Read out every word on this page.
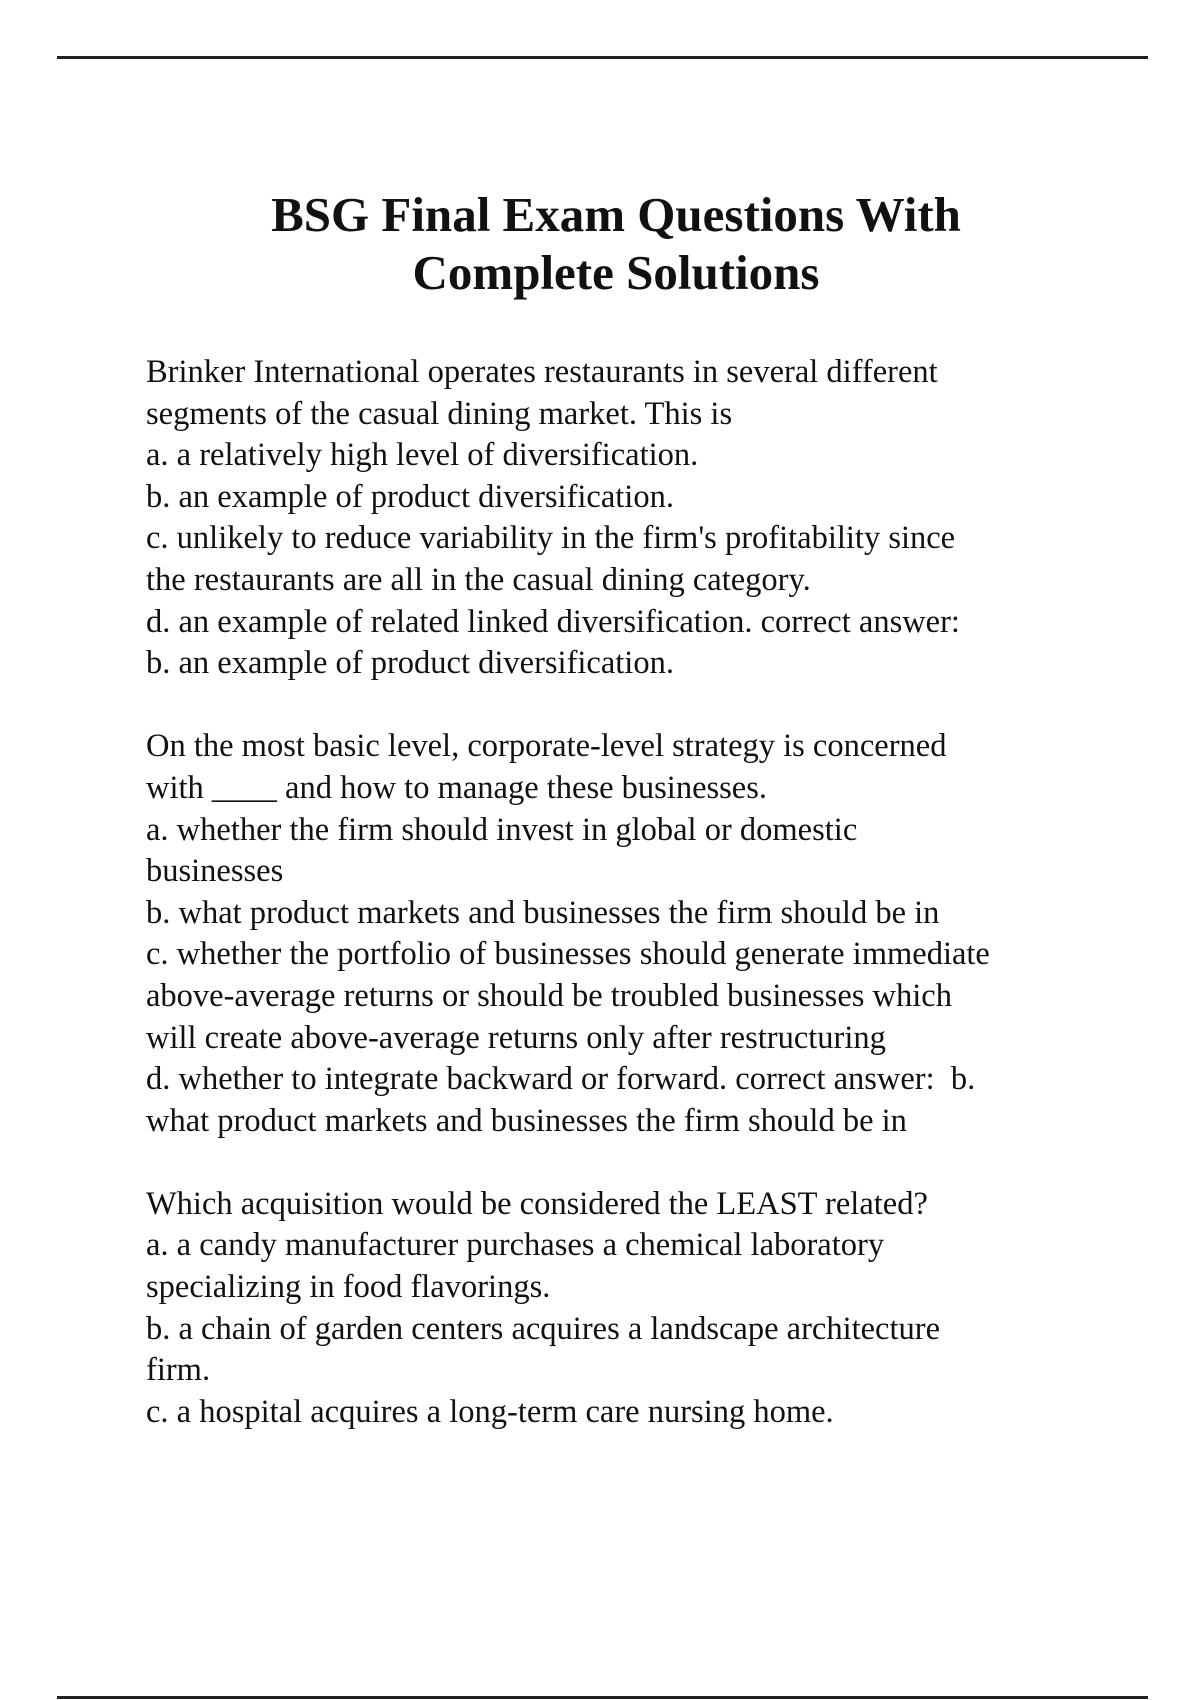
BSG Final Exam Questions With
Complete Solutions
Brinker International operates restaurants in several different
segments of the casual dining market. This is
a. a relatively high level of diversification.
b. an example of product diversification.
c. unlikely to reduce variability in the firm's profitability since
the restaurants are all in the casual dining category.
d. an example of related linked diversification. correct answer:
b. an example of product diversification.
On the most basic level, corporate-level strategy is concerned
with ____ and how to manage these businesses.
a. whether the firm should invest in global or domestic
businesses
b. what product markets and businesses the firm should be in
c. whether the portfolio of businesses should generate immediate
above-average returns or should be troubled businesses which
will create above-average returns only after restructuring
d. whether to integrate backward or forward. correct answer:  b.
what product markets and businesses the firm should be in
Which acquisition would be considered the LEAST related?
a. a candy manufacturer purchases a chemical laboratory
specializing in food flavorings.
b. a chain of garden centers acquires a landscape architecture
firm.
c. a hospital acquires a long-term care nursing home.
